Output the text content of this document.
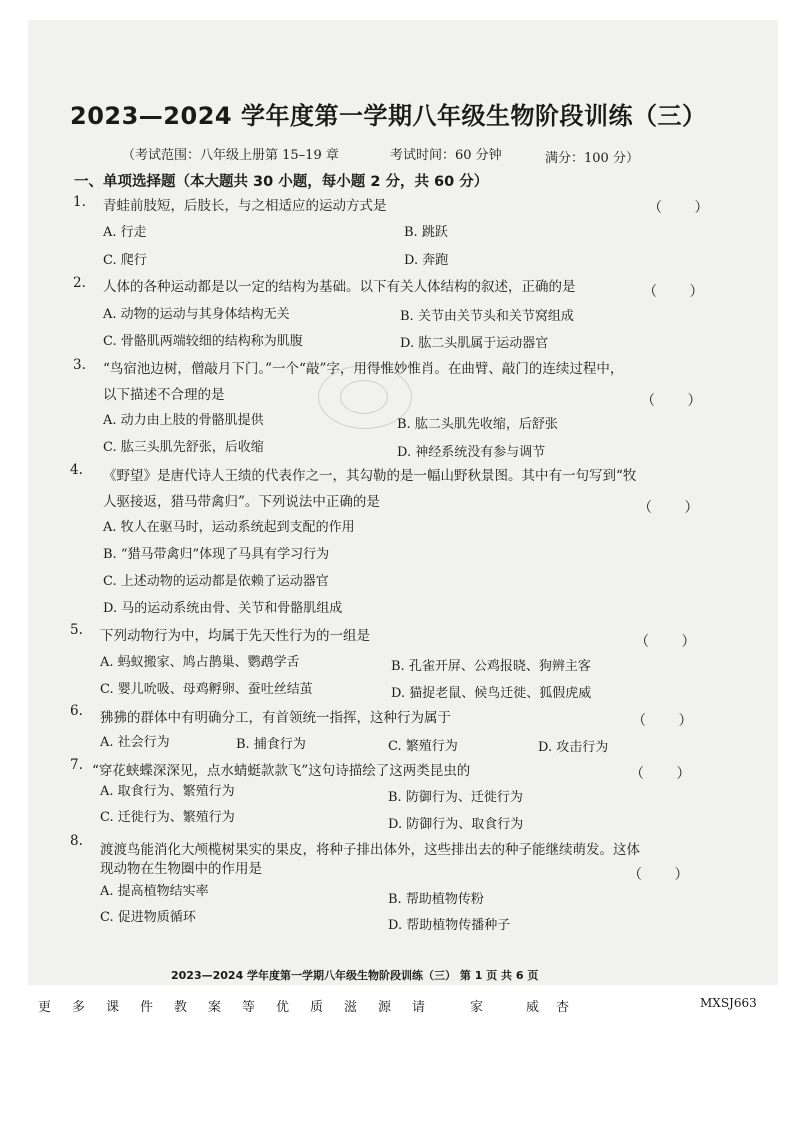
2023—2024 学年度第一学期八年级生物阶段训练（三）
（考试范围：八年级上册第 15–19 章	考试时间：60 分钟	满分：100 分）
一、单项选择题（本大题共 30 小题，每小题 2 分，共 60 分）
1. 青蛙前肢短，后肢长，与之相适应的运动方式是	（ ）
A. 行走	B. 跳跃
C. 爬行	D. 奔跑
2. 人体的各种运动都是以一定的结构为基础。以下有关人体结构的叙述，正确的是	（ ）
A. 动物的运动与其身体结构无关	B. 关节由关节头和关节窝组成
C. 骨骼肌两端较细的结构称为肌腹	D. 肱二头肌属于运动器官
3. “鸟宿池边树，僧敲月下门。”一个“敲”字，用得惟妙惟肖。在曲臂、敲门的连续过程中，
以下描述不合理的是	（ ）
A. 动力由上肢的骨骼肌提供	B. 肱二头肌先收缩，后舒张
C. 肱三头肌先舒张，后收缩	D. 神经系统没有参与调节
4. 《野望》是唐代诗人王绩的代表作之一，其勾勒的是一幅山野秋景图。其中有一句写到“牧
人驱接返，猎马带禽归”。下列说法中正确的是	（ ）
A. 牧人在驱马时，运动系统起到支配的作用
B. “猎马带禽归”体现了马具有学习行为
C. 上述动物的运动都是依赖了运动器官
D. 马的运动系统由骨、关节和骨骼肌组成
5. 下列动物行为中，均属于先天性行为的一组是	（ ）
A. 蚂蚁搬家、鸠占鹊巢、鹦鹉学舌	B. 孔雀开屏、公鸡报晓、狗辨主客
C. 婴儿吮吸、母鸡孵卵、蚕吐丝结茧	D. 猫捉老鼠、候鸟迁徙、狐假虎威
6. 狒狒的群体中有明确分工，有首领统一指挥，这种行为属于	（ ）
A. 社会行为	B. 捕食行为	C. 繁殖行为	D. 攻击行为
7. “穿花蛱蝶深深见，点水蜻蜓款款飞”这句诗描绘了这两类昆虫的	（ ）
A. 取食行为、繁殖行为	B. 防御行为、迁徙行为
C. 迁徙行为、繁殖行为	D. 防御行为、取食行为
8.
渡渡鸟能消化大颅榄树果实的果皮，将种子排出体外，这些排出去的种子能继续萌发。这体
现动物在生物圈中的作用是	（ ）
A. 提高植物结实率
B. 帮助植物传粉
C. 促进物质循环
D. 帮助植物传播种子
2023—2024 学年度第一学期八年级生物阶段训练（三） 第 1 页 共 6 页
更 多 课 件 教 案 等 优 质 滋 源 请	家	威 杏	MXSJ663
